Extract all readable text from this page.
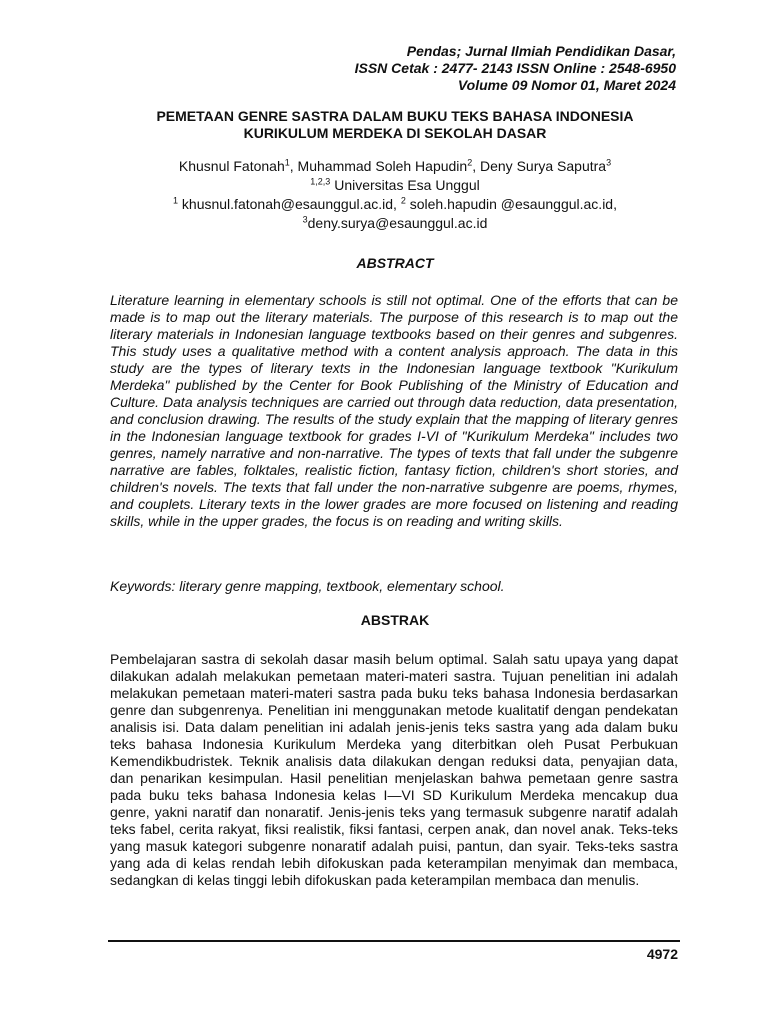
Pendas; Jurnal Ilmiah Pendidikan Dasar,
ISSN Cetak : 2477- 2143 ISSN Online : 2548-6950
Volume 09 Nomor 01, Maret 2024
PEMETAAN GENRE SASTRA DALAM BUKU TEKS BAHASA INDONESIA
KURIKULUM MERDEKA DI SEKOLAH DASAR
Khusnul Fatonah$^1$, Muhammad Soleh Hapudin$^2$, Deny Surya Saputra$^3$
$^{1,2,3}$ Universitas Esa Unggul
$^1$ khusnul.fatonah@esaunggul.ac.id, $^2$ soleh.hapudin @esaunggul.ac.id,
$^3$deny.surya@esaunggul.ac.id
ABSTRACT

Literature learning in elementary schools is still not optimal. One of the efforts that can be made is to map out the literary materials. The purpose of this research is to map out the literary materials in Indonesian language textbooks based on their genres and subgenres. This study uses a qualitative method with a content analysis approach. The data in this study are the types of literary texts in the Indonesian language textbook "Kurikulum Merdeka" published by the Center for Book Publishing of the Ministry of Education and Culture. Data analysis techniques are carried out through data reduction, data presentation, and conclusion drawing. The results of the study explain that the mapping of literary genres in the Indonesian language textbook for grades I-VI of "Kurikulum Merdeka" includes two genres, namely narrative and non-narrative. The types of texts that fall under the subgenre narrative are fables, folktales, realistic fiction, fantasy fiction, children's short stories, and children's novels. The texts that fall under the non-narrative subgenre are poems, rhymes, and couplets. Literary texts in the lower grades are more focused on listening and reading skills, while in the upper grades, the focus is on reading and writing skills.

Keywords: literary genre mapping, textbook, elementary school.

ABSTRAK

Pembelajaran sastra di sekolah dasar masih belum optimal. Salah satu upaya yang dapat dilakukan adalah melakukan pemetaan materi-materi sastra. Tujuan penelitian ini adalah melakukan pemetaan materi-materi sastra pada buku teks bahasa Indonesia berdasarkan genre dan subgenrenya. Penelitian ini menggunakan metode kualitatif dengan pendekatan analisis isi. Data dalam penelitian ini adalah jenis-jenis teks sastra yang ada dalam buku teks bahasa Indonesia Kurikulum Merdeka yang diterbitkan oleh Pusat Perbukuan Kemendikbudristek. Teknik analisis data dilakukan dengan reduksi data, penyajian data, dan penarikan kesimpulan. Hasil penelitian menjelaskan bahwa pemetaan genre sastra pada buku teks bahasa Indonesia kelas I—VI SD Kurikulum Merdeka mencakup dua genre, yakni naratif dan nonaratif. Jenis-jenis teks yang termasuk subgenre naratif adalah teks fabel, cerita rakyat, fiksi realistik, fiksi fantasi, cerpen anak, dan novel anak. Teks-teks yang masuk kategori subgenre nonaratif adalah puisi, pantun, dan syair. Teks-teks sastra yang ada di kelas rendah lebih difokuskan pada keterampilan menyimak dan membaca, sedangkan di kelas tinggi lebih difokuskan pada keterampilan membaca dan menulis.

4972
